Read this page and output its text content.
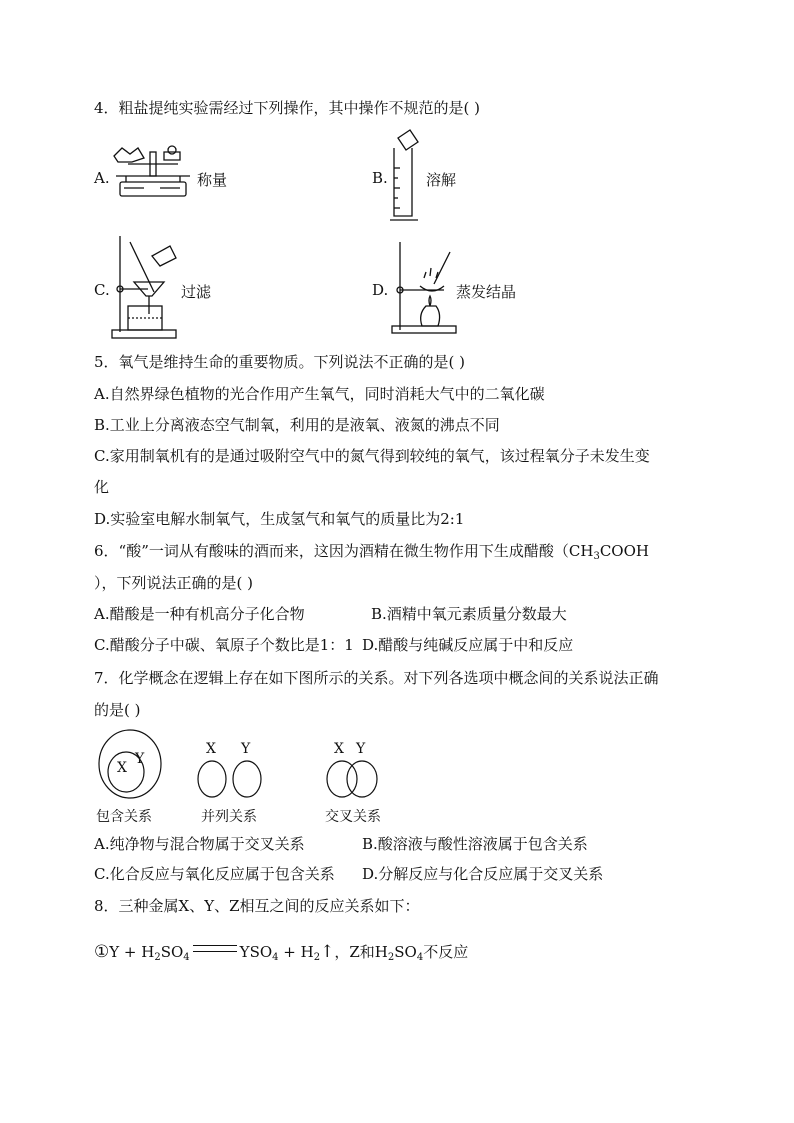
4．粗盐提纯实验需经过下列操作，其中操作不规范的是( )
A.	称量	B.	溶解
C.	过滤	D.	蒸发结晶
5．氧气是维持生命的重要物质。下列说法不正确的是( )
A.自然界绿色植物的光合作用产生氧气，同时消耗大气中的二氧化碳
B.工业上分离液态空气制氧，利用的是液氧、液氮的沸点不同
C.家用制氧机有的是通过吸附空气中的氮气得到较纯的氧气，该过程氧分子未发生变
化
D.实验室电解水制氧气，生成氢气和氧气的质量比为2:1
6．“酸”一词从有酸味的酒而来，这因为酒精在微生物作用下生成醋酸（$CH_3COOH$
），下列说法正确的是( )
A.醋酸是一种有机高分子化合物	B.酒精中氧元素质量分数最大
C.醋酸分子中碳、氧原子个数比是1：1 D.醋酸与纯碱反应属于中和反应
7．化学概念在逻辑上存在如下图所示的关系。对下列各选项中概念间的关系说法正确
的是( )
X
Y
包含关系
X Y
并列关系
X Y
交叉关系
A.纯净物与混合物属于交叉关系	B.酸溶液与酸性溶液属于包含关系
C.化合反应与氧化反应属于包含关系 D.分解反应与化合反应属于交叉关系
8．三种金属X、Y、Z相互之间的反应关系如下：
①Y + $H_2SO_4$	$YSO_4$ + $H_2↑$，Z和$H_2SO_4$不反应
